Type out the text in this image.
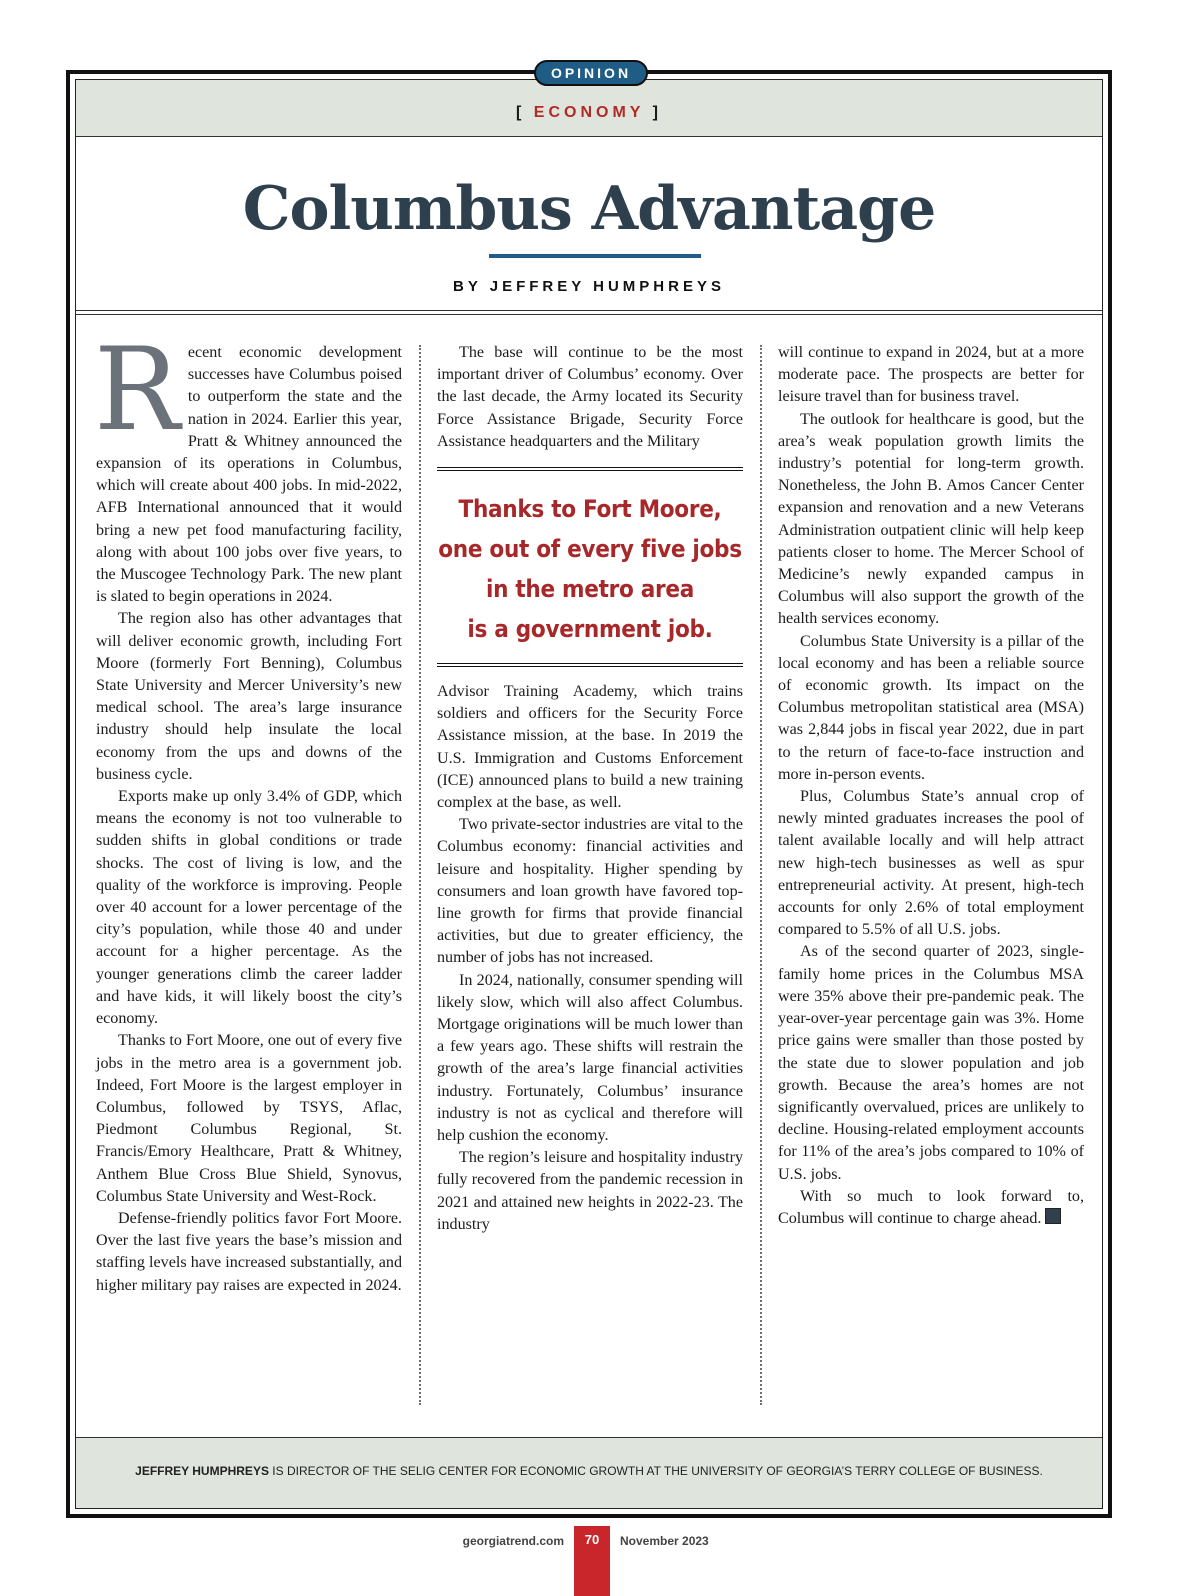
[ ECONOMY ]
Columbus Advantage
BY JEFFREY HUMPHREYS
R ecent economic development successes have Columbus poised to outperform the state and the nation in 2024. Earlier this year, Pratt & Whitney announced the expansion of its operations in Columbus, which will create about 400 jobs. In mid-2022, AFB International announced that it would bring a new pet food manufacturing facility, along with about 100 jobs over five years, to the Muscogee Technology Park. The new plant is slated to begin operations in 2024.

The region also has other advantages that will deliver economic growth, including Fort Moore (formerly Fort Benning), Columbus State University and Mercer University’s new medical school. The area’s large insurance industry should help insulate the local economy from the ups and downs of the business cycle.

Exports make up only 3.4% of GDP, which means the economy is not too vulnerable to sudden shifts in global conditions or trade shocks. The cost of living is low, and the quality of the workforce is improving. People over 40 account for a lower percentage of the city’s population, while those 40 and under account for a higher percentage. As the younger generations climb the career ladder and have kids, it will likely boost the city’s economy.

Thanks to Fort Moore, one out of every five jobs in the metro area is a government job. Indeed, Fort Moore is the largest employer in Columbus, followed by TSYS, Aflac, Piedmont Columbus Regional, St. Francis/Emory Healthcare, Pratt & Whitney, Anthem Blue Cross Blue Shield, Synovus, Columbus State University and West-Rock.

Defense-friendly politics favor Fort Moore. Over the last five years the base’s mission and staffing levels have increased substantially, and higher military pay raises are expected in 2024.

The base will continue to be the most important driver of Columbus’ economy. Over the last decade, the Army located its Security Force Assistance Brigade, Security Force Assistance headquarters and the Military

Thanks to Fort Moore,
one out of every five jobs
in the metro area
is a government job.

Advisor Training Academy, which trains soldiers and officers for the Security Force Assistance mission, at the base. In 2019 the U.S. Immigration and Customs Enforcement (ICE) announced plans to build a new training complex at the base, as well.

Two private-sector industries are vital to the Columbus economy: financial activities and leisure and hospitality. Higher spending by consumers and loan growth have favored top-line growth for firms that provide financial activities, but due to greater efficiency, the number of jobs has not increased.

In 2024, nationally, consumer spending will likely slow, which will also affect Columbus. Mortgage originations will be much lower than a few years ago. These shifts will restrain the growth of the area’s large financial activities industry. Fortunately, Columbus’ insurance industry is not as cyclical and therefore will help cushion the economy.

The region’s leisure and hospitality industry fully recovered from the pandemic recession in 2021 and attained new heights in 2022-23. The industry

will continue to expand in 2024, but at a more moderate pace. The prospects are better for leisure travel than for business travel.

The outlook for healthcare is good, but the area’s weak population growth limits the industry’s potential for long-term growth. Nonetheless, the John B. Amos Cancer Center expansion and renovation and a new Veterans Administration outpatient clinic will help keep patients closer to home. The Mercer School of Medicine’s newly expanded campus in Columbus will also support the growth of the health services economy.

Columbus State University is a pillar of the local economy and has been a reliable source of economic growth. Its impact on the Columbus metropolitan statistical area (MSA) was 2,844 jobs in fiscal year 2022, due in part to the return of face-to-face instruction and more in-person events.

Plus, Columbus State’s annual crop of newly minted graduates increases the pool of talent available locally and will help attract new high-tech businesses as well as spur entrepreneurial activity. At present, high-tech accounts for only 2.6% of total employment compared to 5.5% of all U.S. jobs.

As of the second quarter of 2023, single-family home prices in the Columbus MSA were 35% above their pre-pandemic peak. The year-over-year percentage gain was 3%. Home price gains were smaller than those posted by the state due to slower population and job growth. Because the area’s homes are not significantly overvalued, prices are unlikely to decline. Housing-related employment accounts for 11% of the area’s jobs compared to 10% of U.S. jobs.

With so much to look forward to, Columbus will continue to charge ahead.

JEFFREY HUMPHREYS IS DIRECTOR OF THE SELIG CENTER FOR ECONOMIC GROWTH AT THE UNIVERSITY OF GEORGIA’S TERRY COLLEGE OF BUSINESS.
OPINION
georgiatrend.com	70	November 2023
